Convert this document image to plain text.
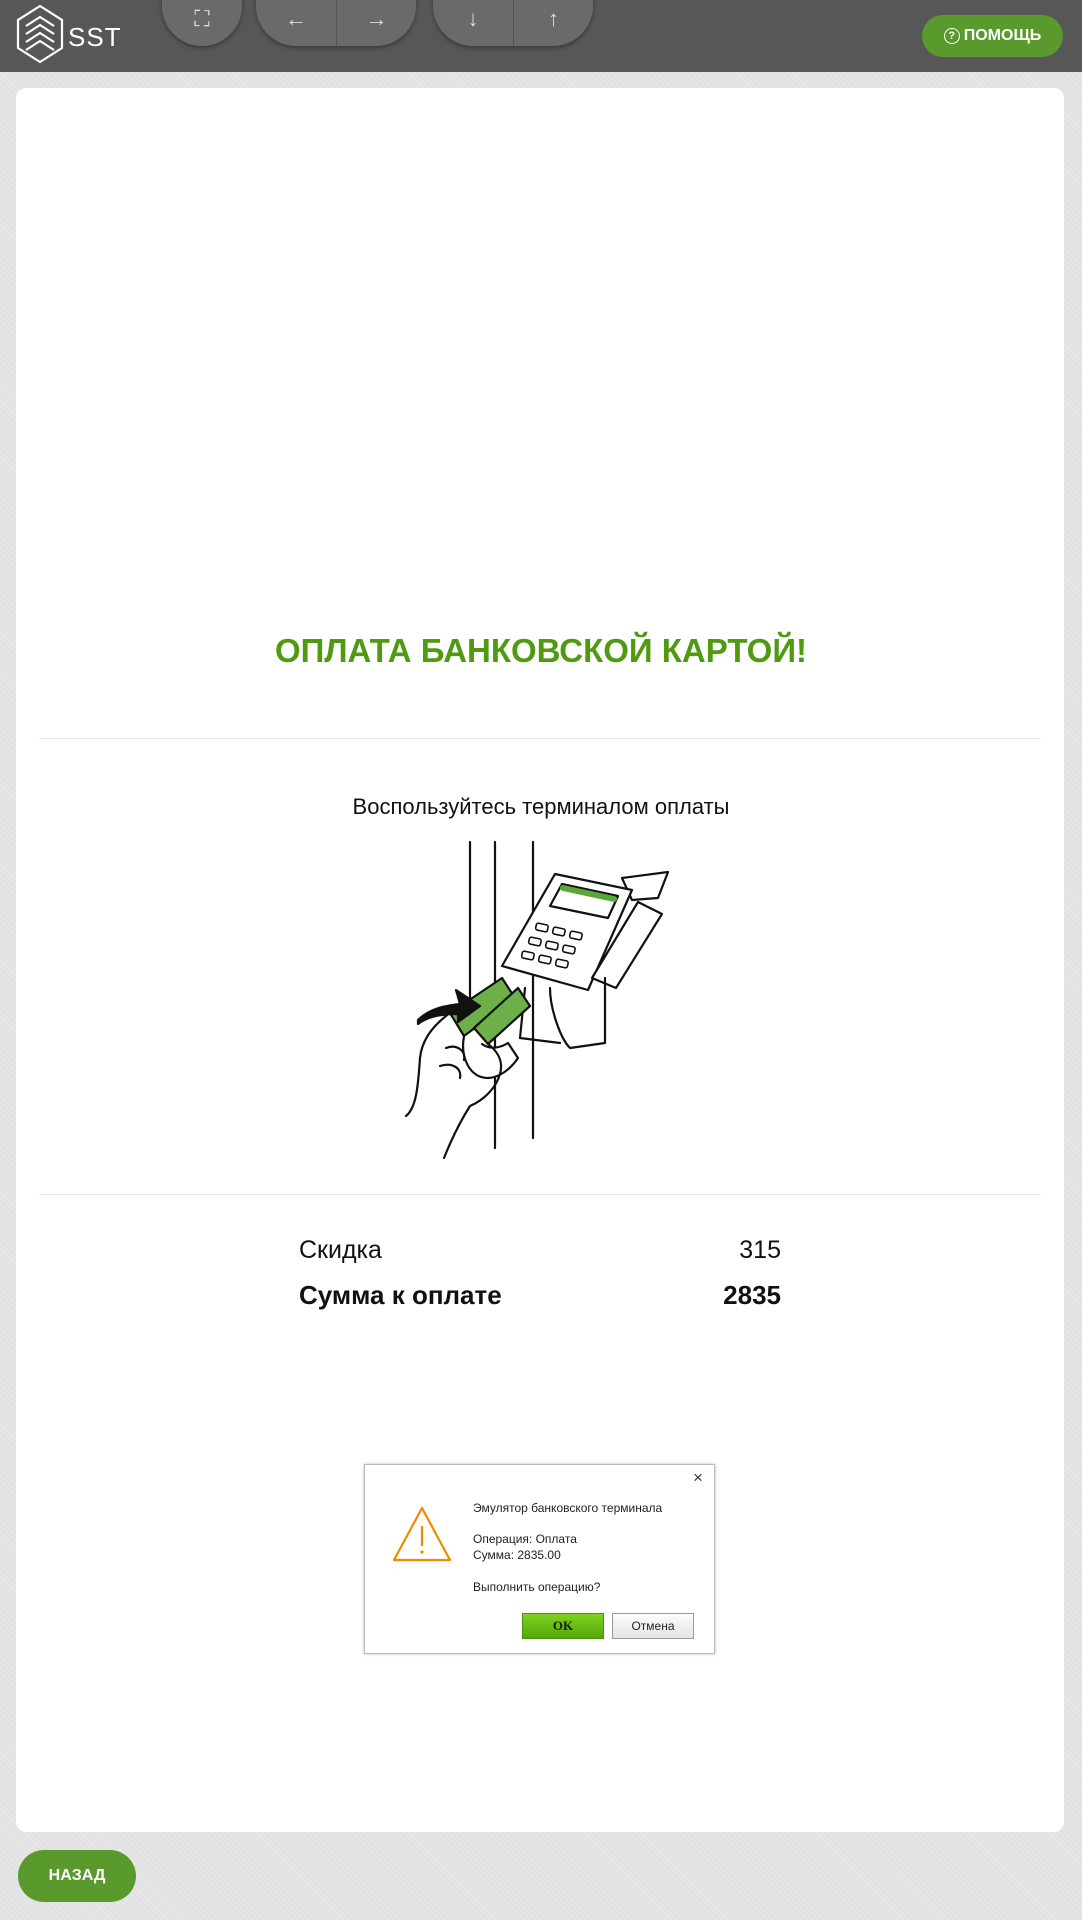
SST
⛶	←	→	↓	↑
? ПОМОЩЬ
ОПЛАТА БАНКОВСКОЙ КАРТОЙ!
Воспользуйтесь терминалом оплаты
Скидка	315
Сумма к оплате	2835
×
Эмулятор банковского терминала
Операция: Оплата
Сумма: 2835.00
Выполнить операцию?
OK	Отмена
НАЗАД
